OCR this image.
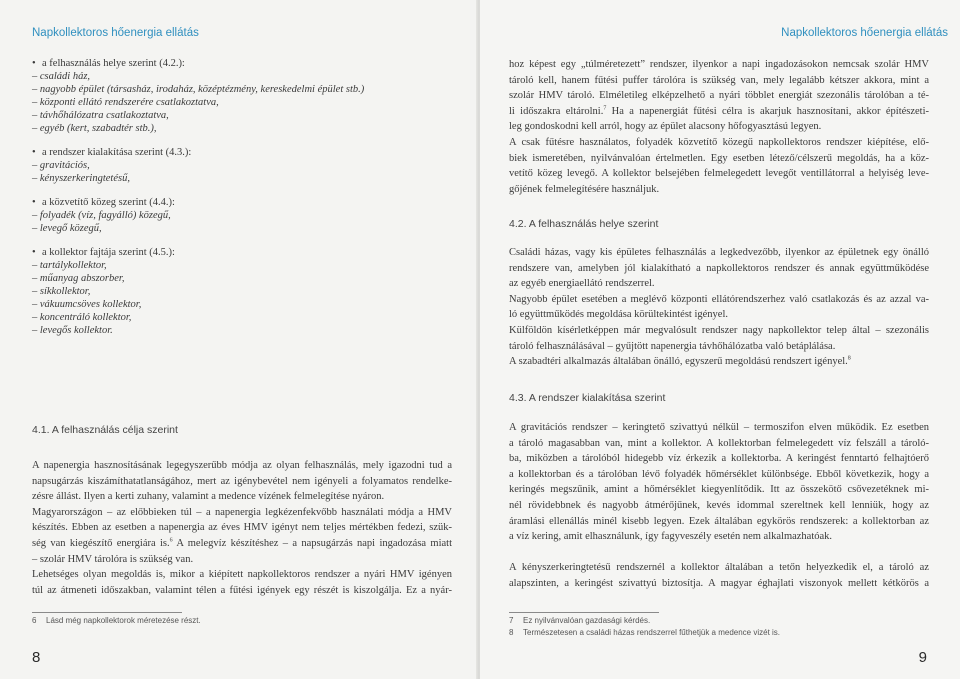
Napkollektoros hőenergia ellátás
• a felhasználás helye szerint (4.2.):
– családi ház,
– nagyobb épület (társasház, irodaház, középtézmény, kereskedelmi épület stb.)
– központi ellátó rendszerére csatlakoztatva,
– távhőhálózatra csatlakoztatva,
– egyéb (kert, szabadtér stb.),
• a rendszer kialakítása szerint (4.3.):
– gravitációs,
– kényszerkeringtetésű,
• a közvetítő közeg szerint (4.4.):
– folyadék (víz, fagyálló) közegű,
– levegő közegű,
• a kollektor fajtája szerint (4.5.):
– tartálykollektor,
– műanyag abszorber,
– síkkollektor,
– vákuumcsöves kollektor,
– koncentráló kollektor,
– levegős kollektor.
4.1. A felhasználás célja szerint

A napenergia hasznosításának legegyszerűbb módja az olyan felhasználás, mely igazodni tud a

napsugárzás kiszámíthatatlanságához, mert az igénybevétel nem igényeli a folyamatos rendelke-

zésre állást. Ilyen a kerti zuhany, valamint a medence vízének felmelegítése nyáron.

Magyarországon – az előbbieken túl – a napenergia legkézenfekvőbb használati módja a HMV

készítés. Ebben az esetben a napenergia az éves HMV igényt nem teljes mértékben fedezi, szük-

ség van kiegészítő energiára is.$^6$ A melegvíz készítéshez – a napsugárzás napi ingadozása miatt

– szolár HMV tárolóra is szükség van.

Lehetséges olyan megoldás is, mikor a kiépített napkollektoros rendszer a nyári HMV igényen

túl az átmeneti időszakban, valamint télen a fűtési igények egy részét is kiszolgálja. Ez a nyár-

6 Lásd még napkollektorok méretezése részt.
8
Napkollektoros hőenergia ellátás

hoz képest egy „túlméretezett” rendszer, ilyenkor a napi ingadozásokon nemcsak szolár HMV

tároló kell, hanem fűtési puffer tárolóra is szükség van, mely legalább kétszer akkora, mint a

szolár HMV tároló. Elméletileg elképzelhető a nyári többlet energiát szezonális tárolóban a té-

li időszakra eltárolni.$^7$ Ha a napenergiát fűtési célra is akarjuk hasznosítani, akkor építészeti-

leg gondoskodni kell arról, hogy az épület alacsony hőfogyasztású legyen.

A csak fűtésre használatos, folyadék közvetítő közegű napkollektoros rendszer kiépítése, elő-

biek ismeretében, nyilvánvalóan értelmetlen. Egy esetben létező/célszerű megoldás, ha a köz-

vetítő közeg levegő. A kollektor belsejében felmelegedett levegőt ventillátorral a helyiség leve-

gőjének felmelegítésére használjuk.

4.2. A felhasználás helye szerint

Családi házas, vagy kis épületes felhasználás a legkedvezőbb, ilyenkor az épületnek egy önálló

rendszere van, amelyben jól kialakítható a napkollektoros rendszer és annak együttműködése

az egyéb energiaellátó rendszerrel.

Nagyobb épület esetében a meglévő központi ellátórendszerhez való csatlakozás és az azzal va-

ló együttműködés megoldása körültekintést igényel.

Külföldön kísérletképpen már megvalósult rendszer nagy napkollektor telep által – szezonális

tároló felhasználásával – gyűjtött napenergia távhőhálózatba való betáplálása.

A szabadtéri alkalmazás általában önálló, egyszerű megoldású rendszert igényel.$^8$

4.3. A rendszer kialakítása szerint

A gravitációs rendszer – keringtető szivattyú nélkül – termoszifon elven működik. Ez esetben

a tároló magasabban van, mint a kollektor. A kollektorban felmelegedett víz felszáll a tároló-

ba, miközben a tárolóból hidegebb víz érkezik a kollektorba. A keringést fenntartó felhajtóerő

a kollektorban és a tárolóban lévő folyadék hőmérséklet különbsége. Ebből következik, hogy a

keringés megszűnik, amint a hőmérséklet kiegyenlítődik. Itt az összekötő csővezetéknek mi-

nél rövidebbnek és nagyobb átmérőjűnek, kevés idommal szereltnek kell lenniük, hogy az

áramlási ellenállás minél kisebb legyen. Ezek általában egykörös rendszerek: a kollektorban az

a víz kering, amit elhasználunk, így fagyveszély esetén nem alkalmazhatóak.

A kényszerkeringtetésű rendszernél a kollektor általában a tetőn helyezkedik el, a tároló az

alapszinten, a keringést szivattyú biztosítja. A magyar éghajlati viszonyok mellett kétkörös a

7 Ez nyilvánvalóan gazdasági kérdés.
8 Természetesen a családi házas rendszerrel fűthetjük a medence vizét is.
9
